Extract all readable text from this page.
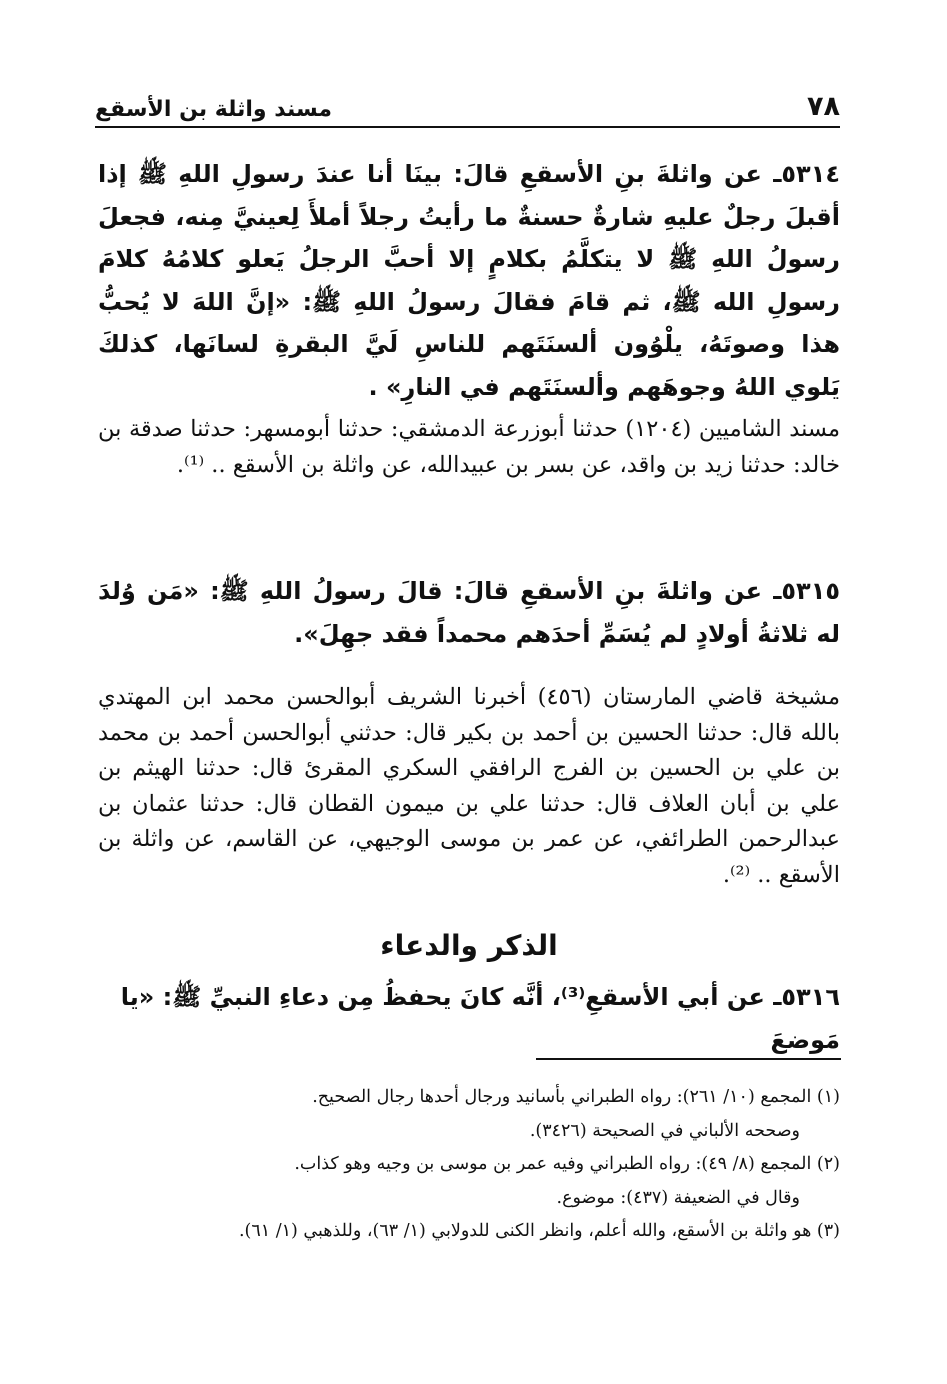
٧٨
مسند واثلة بن الأسقع

٥٣١٤ـ عن واثلةَ بنِ الأسقعِ قالَ: بينَا أنا عندَ رسولِ اللهِ ﷺ إذا أقبلَ رجلٌ عليهِ شارةٌ حسنةٌ ما رأيتُ رجلاً أملأَ لِعينيَّ مِنه، فجعلَ رسولُ اللهِ ﷺ لا يتكلَّمُ بكلامٍ إلا أحبَّ الرجلُ يَعلو كلامُهُ كلامَ رسولِ الله ﷺ، ثم قامَ فقالَ رسولُ اللهِ ﷺ: «إنَّ اللهَ لا يُحبُّ هذا وصوتَهُ، يلْوُون ألسنَتَهم للناسِ لَيَّ البقرةِ لسانَها، كذلكَ يَلوي اللهُ وجوهَهم وألسنَتَهم في النارِ» .

مسند الشاميين (١٢٠٤) حدثنا أبوزرعة الدمشقي: حدثنا أبومسهر: حدثنا صدقة بن خالد: حدثنا زيد بن واقد، عن بسر بن عبيدالله، عن واثلة بن الأسقع .. ⁽¹⁾.

٥٣١٥ـ عن واثلةَ بنِ الأسقعِ قالَ: قالَ رسولُ اللهِ ﷺ: «مَن وُلدَ له ثلاثةُ أولادٍ لم يُسَمِّ أحدَهم محمداً فقد جهِلَ».

مشيخة قاضي المارستان (٤٥٦) أخبرنا الشريف أبوالحسن محمد ابن المهتدي بالله قال: حدثنا الحسين بن أحمد بن بكير قال: حدثني أبوالحسن أحمد بن محمد بن علي بن الحسين بن الفرج الرافقي السكري المقرئ قال: حدثنا الهيثم بن علي بن أبان العلاف قال: حدثنا علي بن ميمون القطان قال: حدثنا عثمان بن عبدالرحمن الطرائفي، عن عمر بن موسى الوجيهي، عن القاسم، عن واثلة بن الأسقع .. ⁽²⁾.

الذكر والدعاء

٥٣١٦ـ عن أبي الأسقعِ⁽³⁾، أنَّه كانَ يحفظُ مِن دعاءِ النبيِّ ﷺ: «يا مَوضعَ

(١) المجمع (١٠/ ٢٦١): رواه الطبراني بأسانيد ورجال أحدها رجال الصحيح.
وصححه الألباني في الصحيحة (٣٤٢٦).
(٢) المجمع (٨/ ٤٩): رواه الطبراني وفيه عمر بن موسى بن وجيه وهو كذاب.
وقال في الضعيفة (٤٣٧): موضوع.
(٣) هو واثلة بن الأسقع، والله أعلم، وانظر الكنى للدولابي (١/ ٦٣)، وللذهبي (١/ ٦١).
